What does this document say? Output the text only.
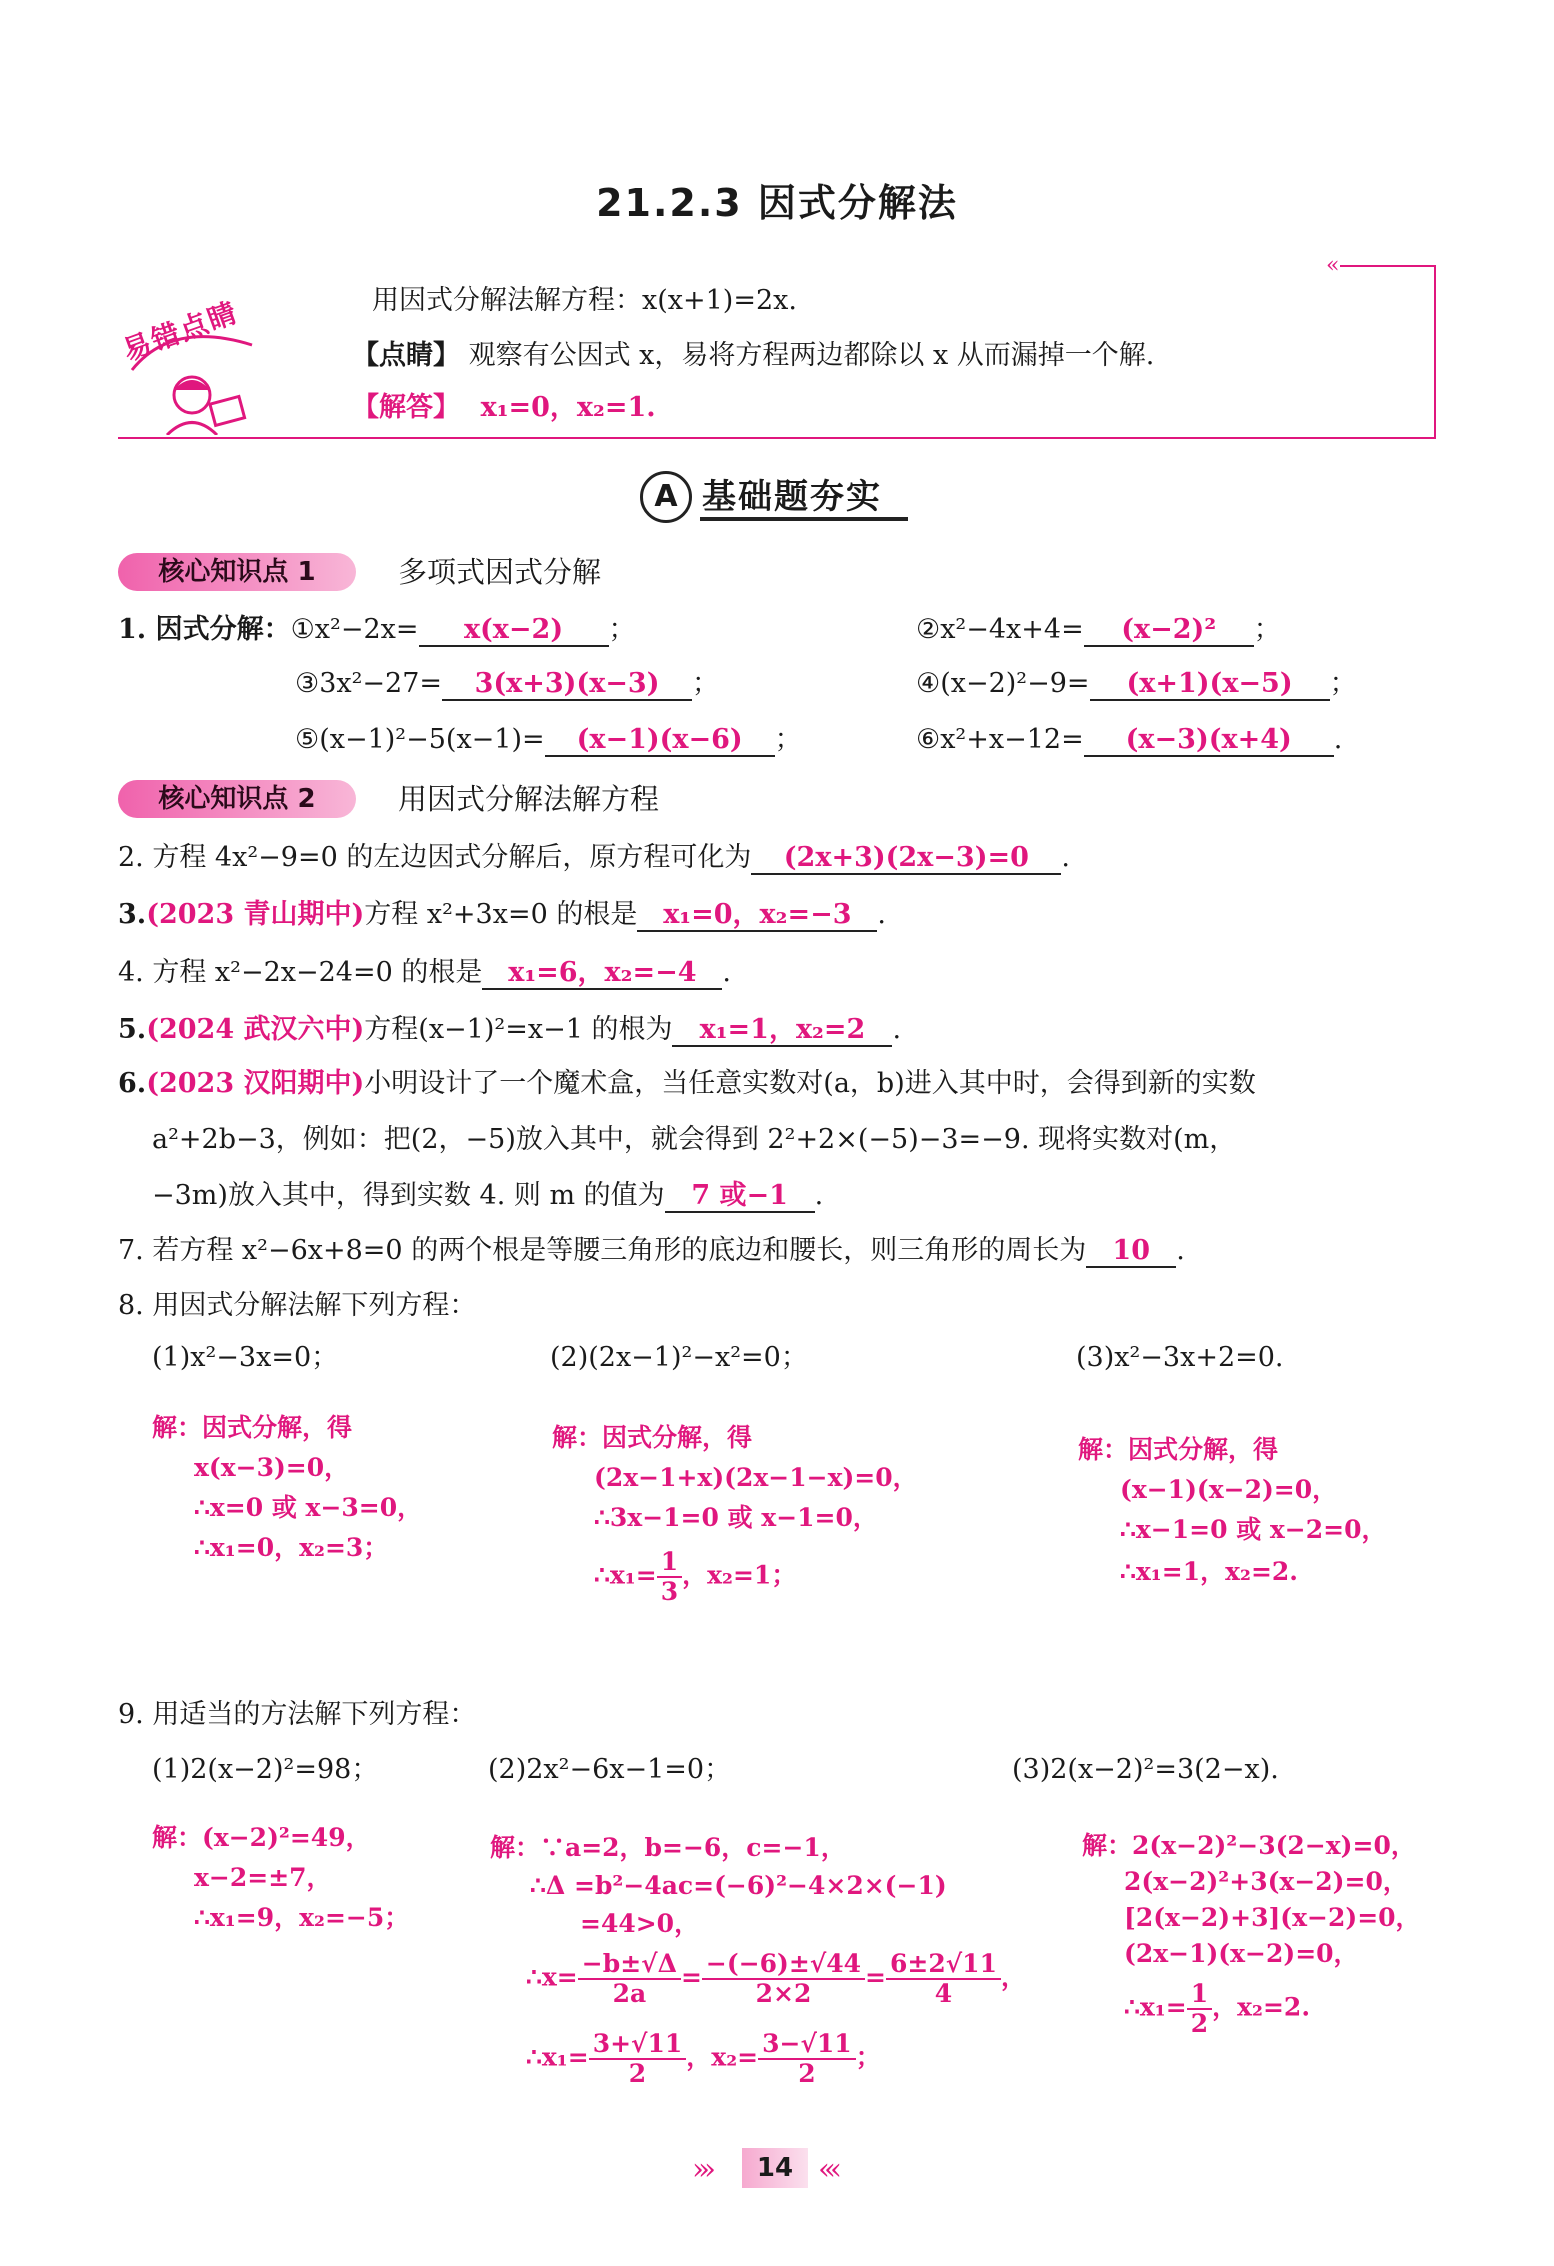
21.2.3 因式分解法
«
易错点睛	用因式分解法解方程：x(x+1)=2x.
【点睛】 观察有公因式 x，易将方程两边都除以 x 从而漏掉一个解.
【解答】 x₁=0，x₂=1.
A 基础题夯实
核心知识点 1	多项式因式分解
1. 因式分解：①x²−2x= x(x−2) ；	②x²−4x+4= (x−2)² ；
③3x²−27= 3(x+3)(x−3) ；	④(x−2)²−9= (x+1)(x−5) ；
⑤(x−1)²−5(x−1)= (x−1)(x−6) ；	⑥x²+x−12= (x−3)(x+4) .
核心知识点 2	用因式分解法解方程
2. 方程 4x²−9=0 的左边因式分解后，原方程可化为 (2x+3)(2x−3)=0 .
3.(2023 青山期中)方程 x²+3x=0 的根是 x₁=0，x₂=−3 .
4. 方程 x²−2x−24=0 的根是 x₁=6，x₂=−4 .
5.(2024 武汉六中)方程(x−1)²=x−1 的根为 x₁=1，x₂=2 .
6.(2023 汉阳期中)小明设计了一个魔术盒，当任意实数对(a，b)进入其中时，会得到新的实数
a²+2b−3，例如：把(2，−5)放入其中，就会得到 2²+2×(−5)−3=−9. 现将实数对(m，
−3m)放入其中，得到实数 4. 则 m 的值为 7 或−1 .
7. 若方程 x²−6x+8=0 的两个根是等腰三角形的底边和腰长，则三角形的周长为 10 .
8. 用因式分解法解下列方程：
(1)x²−3x=0；
解：因式分解，得
x(x−3)=0，
∴x=0 或 x−3=0，
∴x₁=0，x₂=3；
(2)(2x−1)²−x²=0；
解：因式分解，得
(2x−1+x)(2x−1−x)=0，
∴3x−1=0 或 x−1=0，
∴x₁= $\frac{1}{3}$ ，x₂=1；
(3)x²−3x+2=0.
解：因式分解，得
(x−1)(x−2)=0，
∴x−1=0 或 x−2=0，
∴x₁=1，x₂=2.
9. 用适当的方法解下列方程：
(1)2(x−2)²=98；
解：(x−2)²=49，
x−2=±7，
∴x₁=9，x₂=−5；
(2)2x²−6x−1=0；
解：∵a=2，b=−6，c=−1，
∴Δ =b²−4ac=(−6)²−4×2×(−1)
=44>0，
∴x= $\frac{-b\pm√\Delta}{2a} = \frac{-(-6)\pm√44}{2\times 2} = \frac{6\pm 2√11}{4}$ ，
∴x₁= $\frac{3+√11}{2}$ ，$x_2= \frac{3-√11}{2}$ ；
(3)2(x−2)²=3(2−x).
解：2(x−2)²−3(2−x)=0，
2(x−2)²+3(x−2)=0，
[2(x−2)+3](x−2)=0，
(2x−1)(x−2)=0，
∴x₁= $\frac{1}{2}$ ，x₂=2.
›››	14 ‹‹‹
